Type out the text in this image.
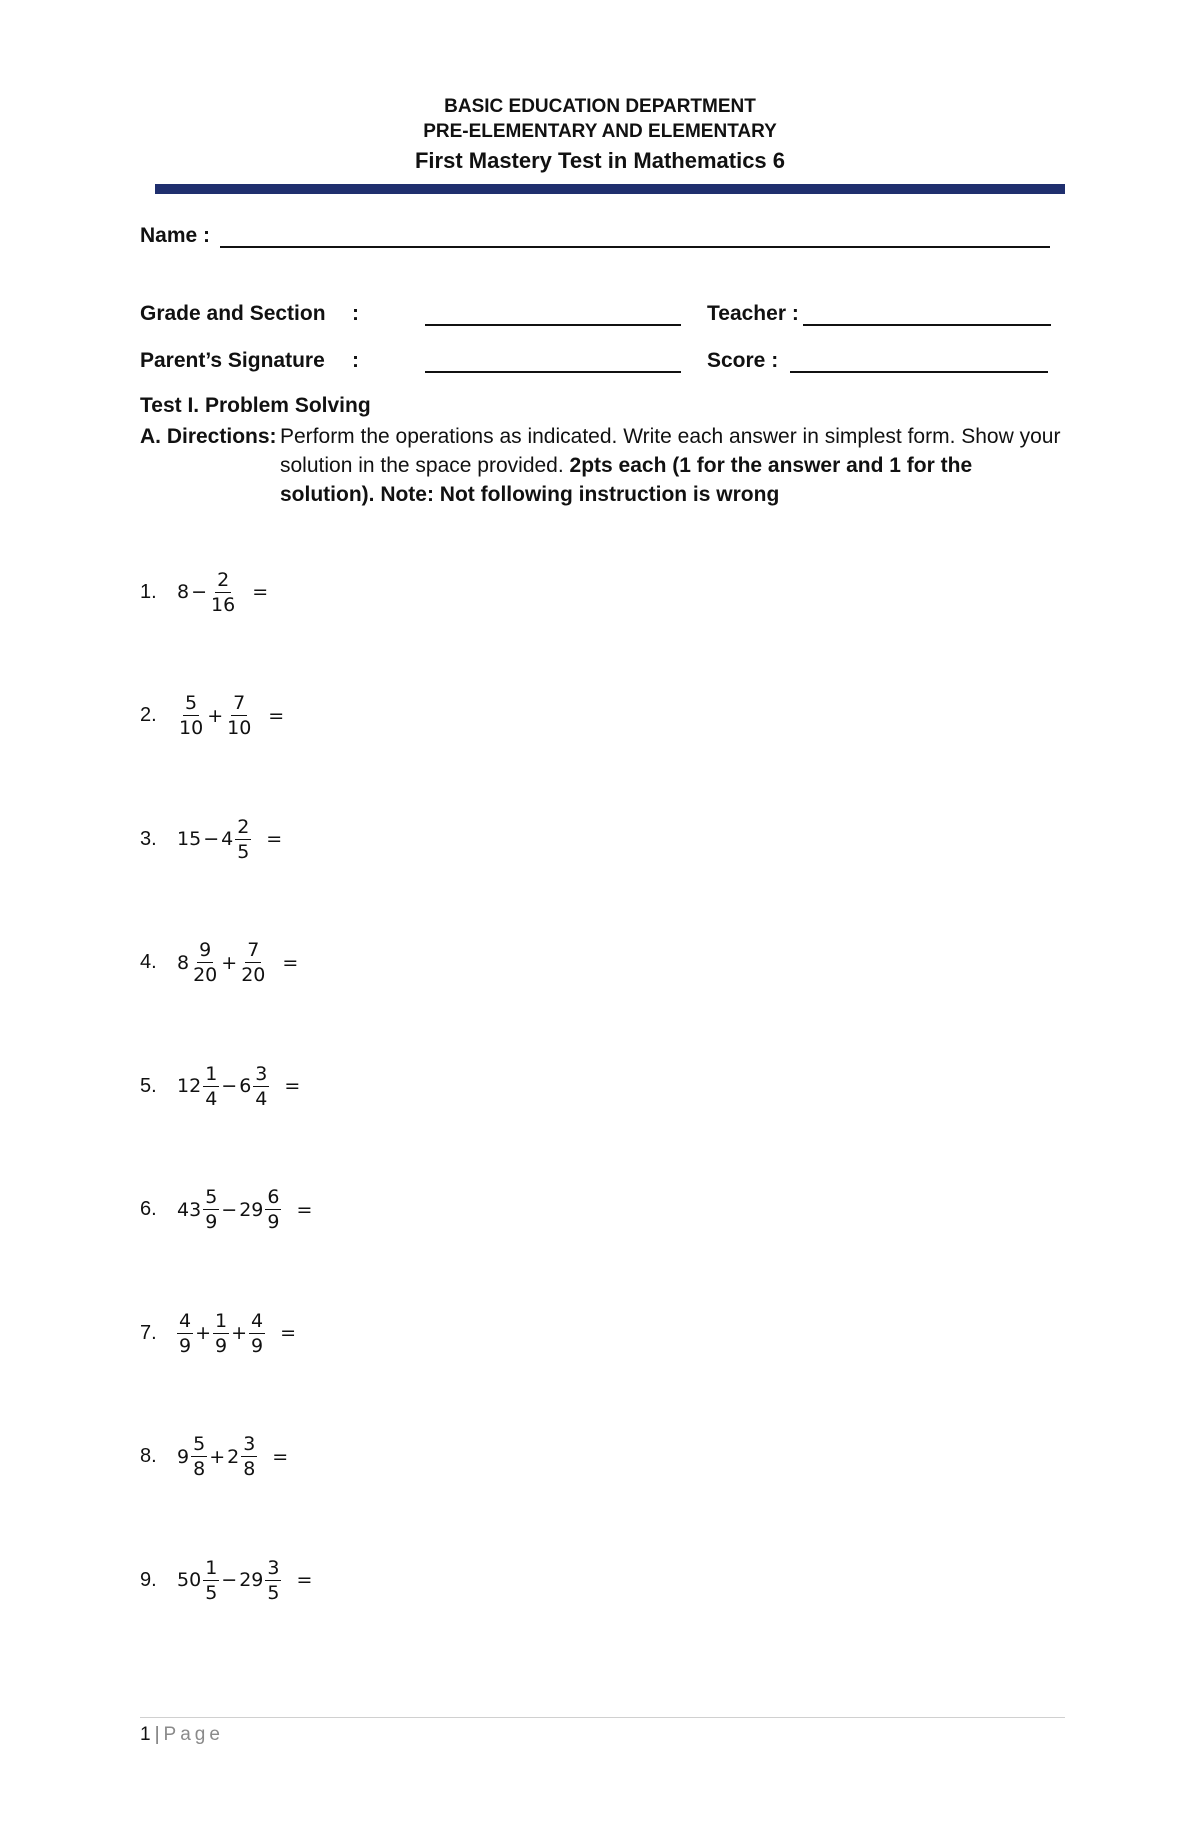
BASIC EDUCATION DEPARTMENT
PRE-ELEMENTARY AND ELEMENTARY
First Mastery Test in Mathematics 6
Name :
Grade and Section :	Teacher :
Parent’s Signature :	Score :
Test I. Problem Solving
A. Directions: Perform the operations as indicated. Write each answer in simplest form. Show your solution in the space provided. 2pts each (1 for the answer and 1 for the solution). Note: Not following instruction is wrong
1.	$8 - \frac{2}{16}$ =
2.	$\frac{5}{10} + \frac{7}{10}$ =
3.	$15 - 4 \frac{2}{5}$ =
4.	$8 \frac{9}{20} + \frac{7}{20}$ =
5.	$12 \frac{1}{4} - 6 \frac{3}{4}$ =
6.	$43 \frac{5}{9} - 29 \frac{6}{9}$ =
7.	$\frac{4}{9} + \frac{1}{9} + \frac{4}{9}$ =
8.	$9 \frac{5}{8} + 2 \frac{3}{8}$ =
9.	$50 \frac{1}{5} - 29 \frac{3}{5}$ =
1 | Page
